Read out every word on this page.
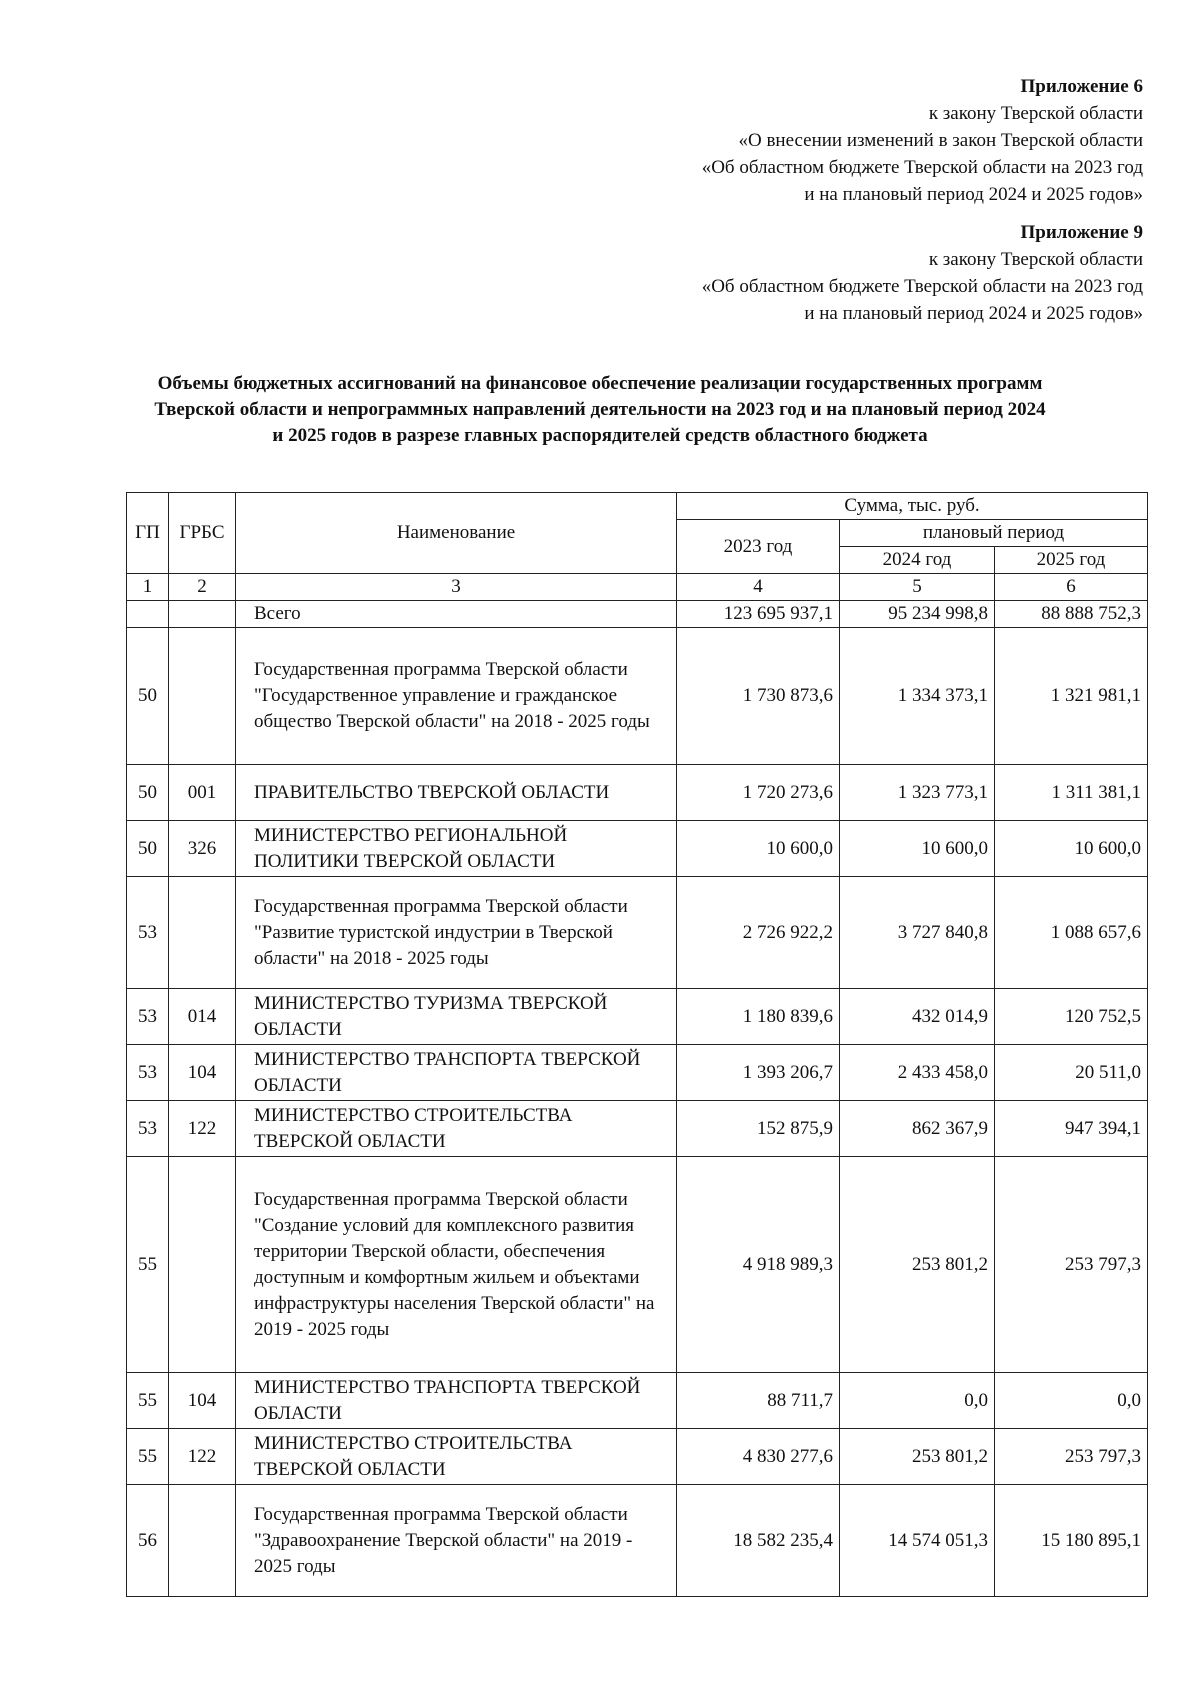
Приложение 6
к закону Тверской области
«О внесении изменений в закон Тверской области
«Об областном бюджете Тверской области на 2023 год
и на плановый период 2024 и 2025 годов»
Приложение 9
к закону Тверской области
«Об областном бюджете Тверской области на 2023 год
и на плановый период 2024 и 2025 годов»
Объемы бюджетных ассигнований на финансовое обеспечение реализации государственных программ
Тверской области и непрограммных направлений деятельности на 2023 год и на плановый период 2024
и 2025 годов в разрезе главных распорядителей средств областного бюджета
ГП	ГРБС	Наименование	Сумма, тыс. руб.		
			2023 год	плановый период	
				2024 год	2025 год
1	2	3	4	5	6
		Всего	123 695 937,1	95 234 998,8	88 888 752,3
50		Государственная программа Тверской области "Государственное управление и гражданское общество Тверской области" на 2018 - 2025 годы	1 730 873,6	1 334 373,1	1 321 981,1
50	001	ПРАВИТЕЛЬСТВО ТВЕРСКОЙ ОБЛАСТИ	1 720 273,6	1 323 773,1	1 311 381,1
50	326	МИНИСТЕРСТВО РЕГИОНАЛЬНОЙ ПОЛИТИКИ ТВЕРСКОЙ ОБЛАСТИ	10 600,0	10 600,0	10 600,0
53		Государственная программа Тверской области "Развитие туристской индустрии в Тверской области" на 2018 - 2025 годы	2 726 922,2	3 727 840,8	1 088 657,6
53	014	МИНИСТЕРСТВО ТУРИЗМА ТВЕРСКОЙ ОБЛАСТИ	1 180 839,6	432 014,9	120 752,5
53	104	МИНИСТЕРСТВО ТРАНСПОРТА ТВЕРСКОЙ ОБЛАСТИ	1 393 206,7	2 433 458,0	20 511,0
53	122	МИНИСТЕРСТВО СТРОИТЕЛЬСТВА ТВЕРСКОЙ ОБЛАСТИ	152 875,9	862 367,9	947 394,1
55		Государственная программа Тверской области "Создание условий для комплексного развития территории Тверской области, обеспечения доступным и комфортным жильем и объектами инфраструктуры населения Тверской области" на 2019 - 2025 годы	4 918 989,3	253 801,2	253 797,3
55	104	МИНИСТЕРСТВО ТРАНСПОРТА ТВЕРСКОЙ ОБЛАСТИ	88 711,7	0,0	0,0
55	122	МИНИСТЕРСТВО СТРОИТЕЛЬСТВА ТВЕРСКОЙ ОБЛАСТИ	4 830 277,6	253 801,2	253 797,3
56		Государственная программа Тверской области "Здравоохранение Тверской области" на 2019 - 2025 годы	18 582 235,4	14 574 051,3	15 180 895,1
